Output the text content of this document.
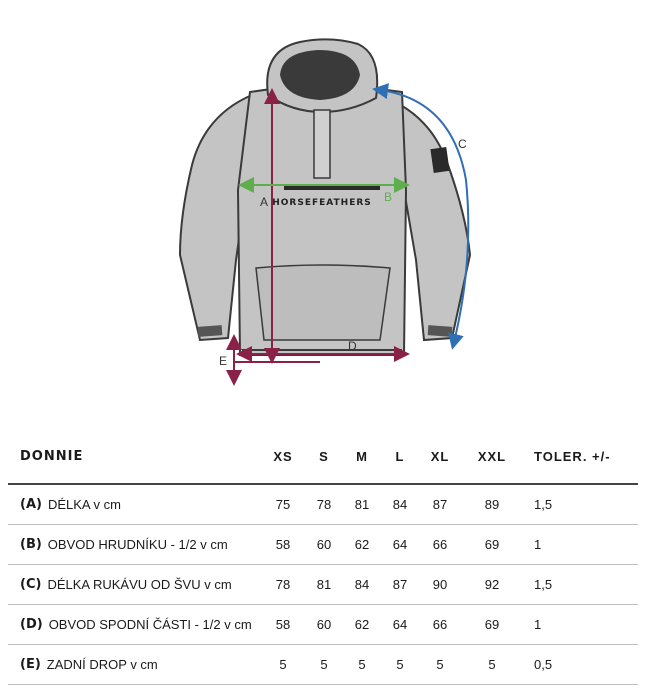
HORSEFEATHERS
A	B
C
D
E
DONNIE	XS	S	M	L	XL	XXL	TOLER. +/-
(A) DÉLKA v cm	75	78	81	84	87	89	1,5
(B) OBVOD HRUDNÍKU - 1/2 v cm	58	60	62	64	66	69	1
(C) DÉLKA RUKÁVU OD ŠVU v cm	78	81	84	87	90	92	1,5
(D) OBVOD SPODNÍ ČÁSTI - 1/2 v cm	58	60	62	64	66	69	1
(E) ZADNÍ DROP v cm	5	5	5	5	5	5	0,5
